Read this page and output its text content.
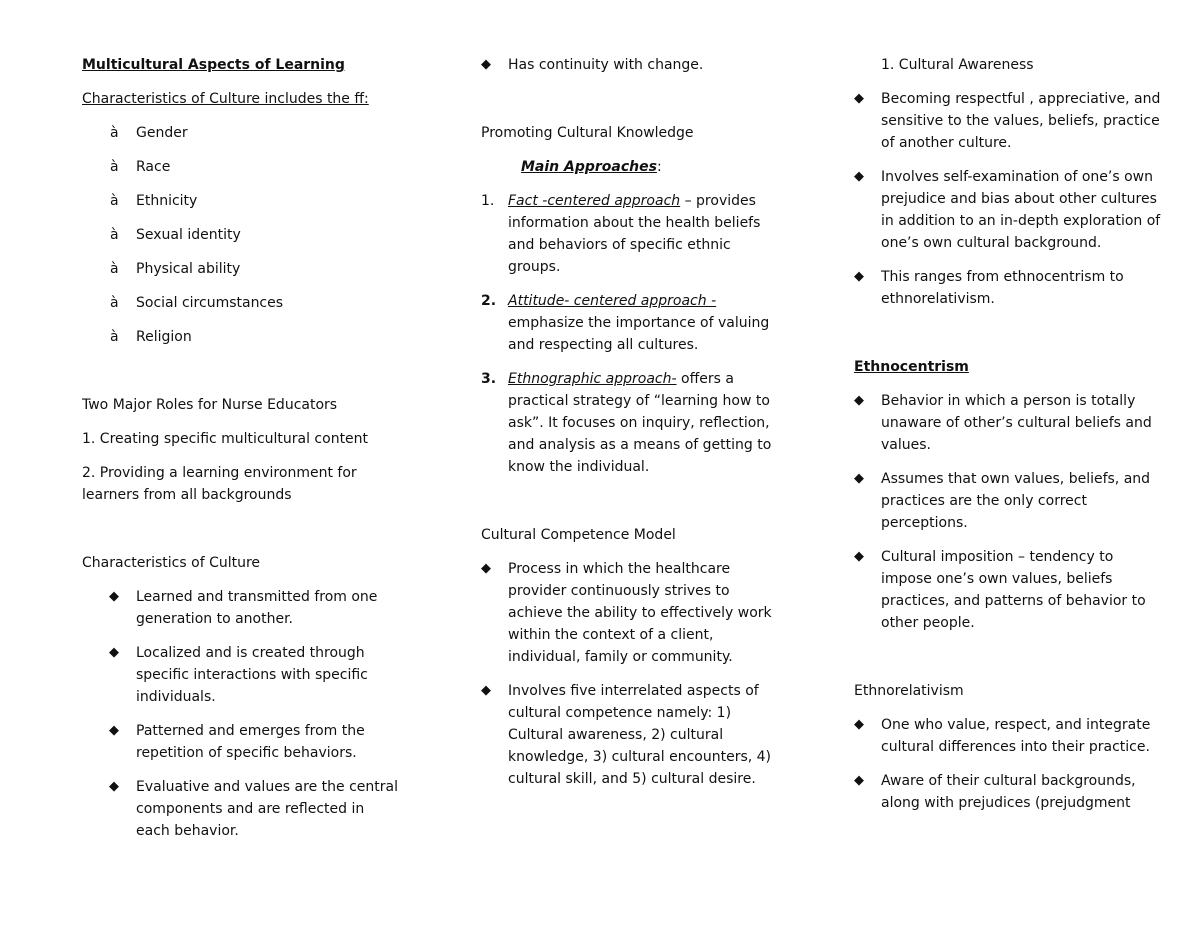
Multicultural Aspects of Learning

Characteristics of Culture includes the ff:

à Gender
à Race
à Ethnicity
à Sexual identity
à Physical ability
à Social circumstances
à Religion

Two Major Roles for Nurse Educators

1. Creating specific multicultural content

2. Providing a learning environment for learners from all backgrounds

Characteristics of Culture

◆ Learned and transmitted from one generation to another.
◆ Localized and is created through specific interactions with specific individuals.
◆ Patterned and emerges from the repetition of specific behaviors.
◆ Evaluative and values are the central components and are reflected in each behavior.
◆ Has continuity with change.

Promoting Cultural Knowledge

Main Approaches:

1. Fact -centered approach – provides information about the health beliefs and behaviors of specific ethnic groups.
2. Attitude- centered approach - emphasize the importance of valuing and respecting all cultures.
3. Ethnographic approach- offers a practical strategy of “learning how to ask”. It focuses on inquiry, reflection, and analysis as a means of getting to know the individual.

Cultural Competence Model

◆ Process in which the healthcare provider continuously strives to achieve the ability to effectively work within the context of a client, individual, family or community.
◆ Involves five interrelated aspects of cultural competence namely: 1) Cultural awareness, 2) cultural knowledge, 3) cultural encounters, 4) cultural skill, and 5) cultural desire.

1. Cultural Awareness

◆ Becoming respectful , appreciative, and sensitive to the values, beliefs, practice of another culture.
◆ Involves self-examination of one’s own prejudice and bias about other cultures in addition to an in-depth exploration of one’s own cultural background.
◆ This ranges from ethnocentrism to ethnorelativism.

Ethnocentrism

◆ Behavior in which a person is totally unaware of other’s cultural beliefs and values.
◆ Assumes that own values, beliefs, and practices are the only correct perceptions.
◆ Cultural imposition – tendency to impose one’s own values, beliefs practices, and patterns of behavior to other people.

Ethnorelativism

◆ One who value, respect, and integrate cultural differences into their practice.
◆ Aware of their cultural backgrounds, along with prejudices (prejudgment
